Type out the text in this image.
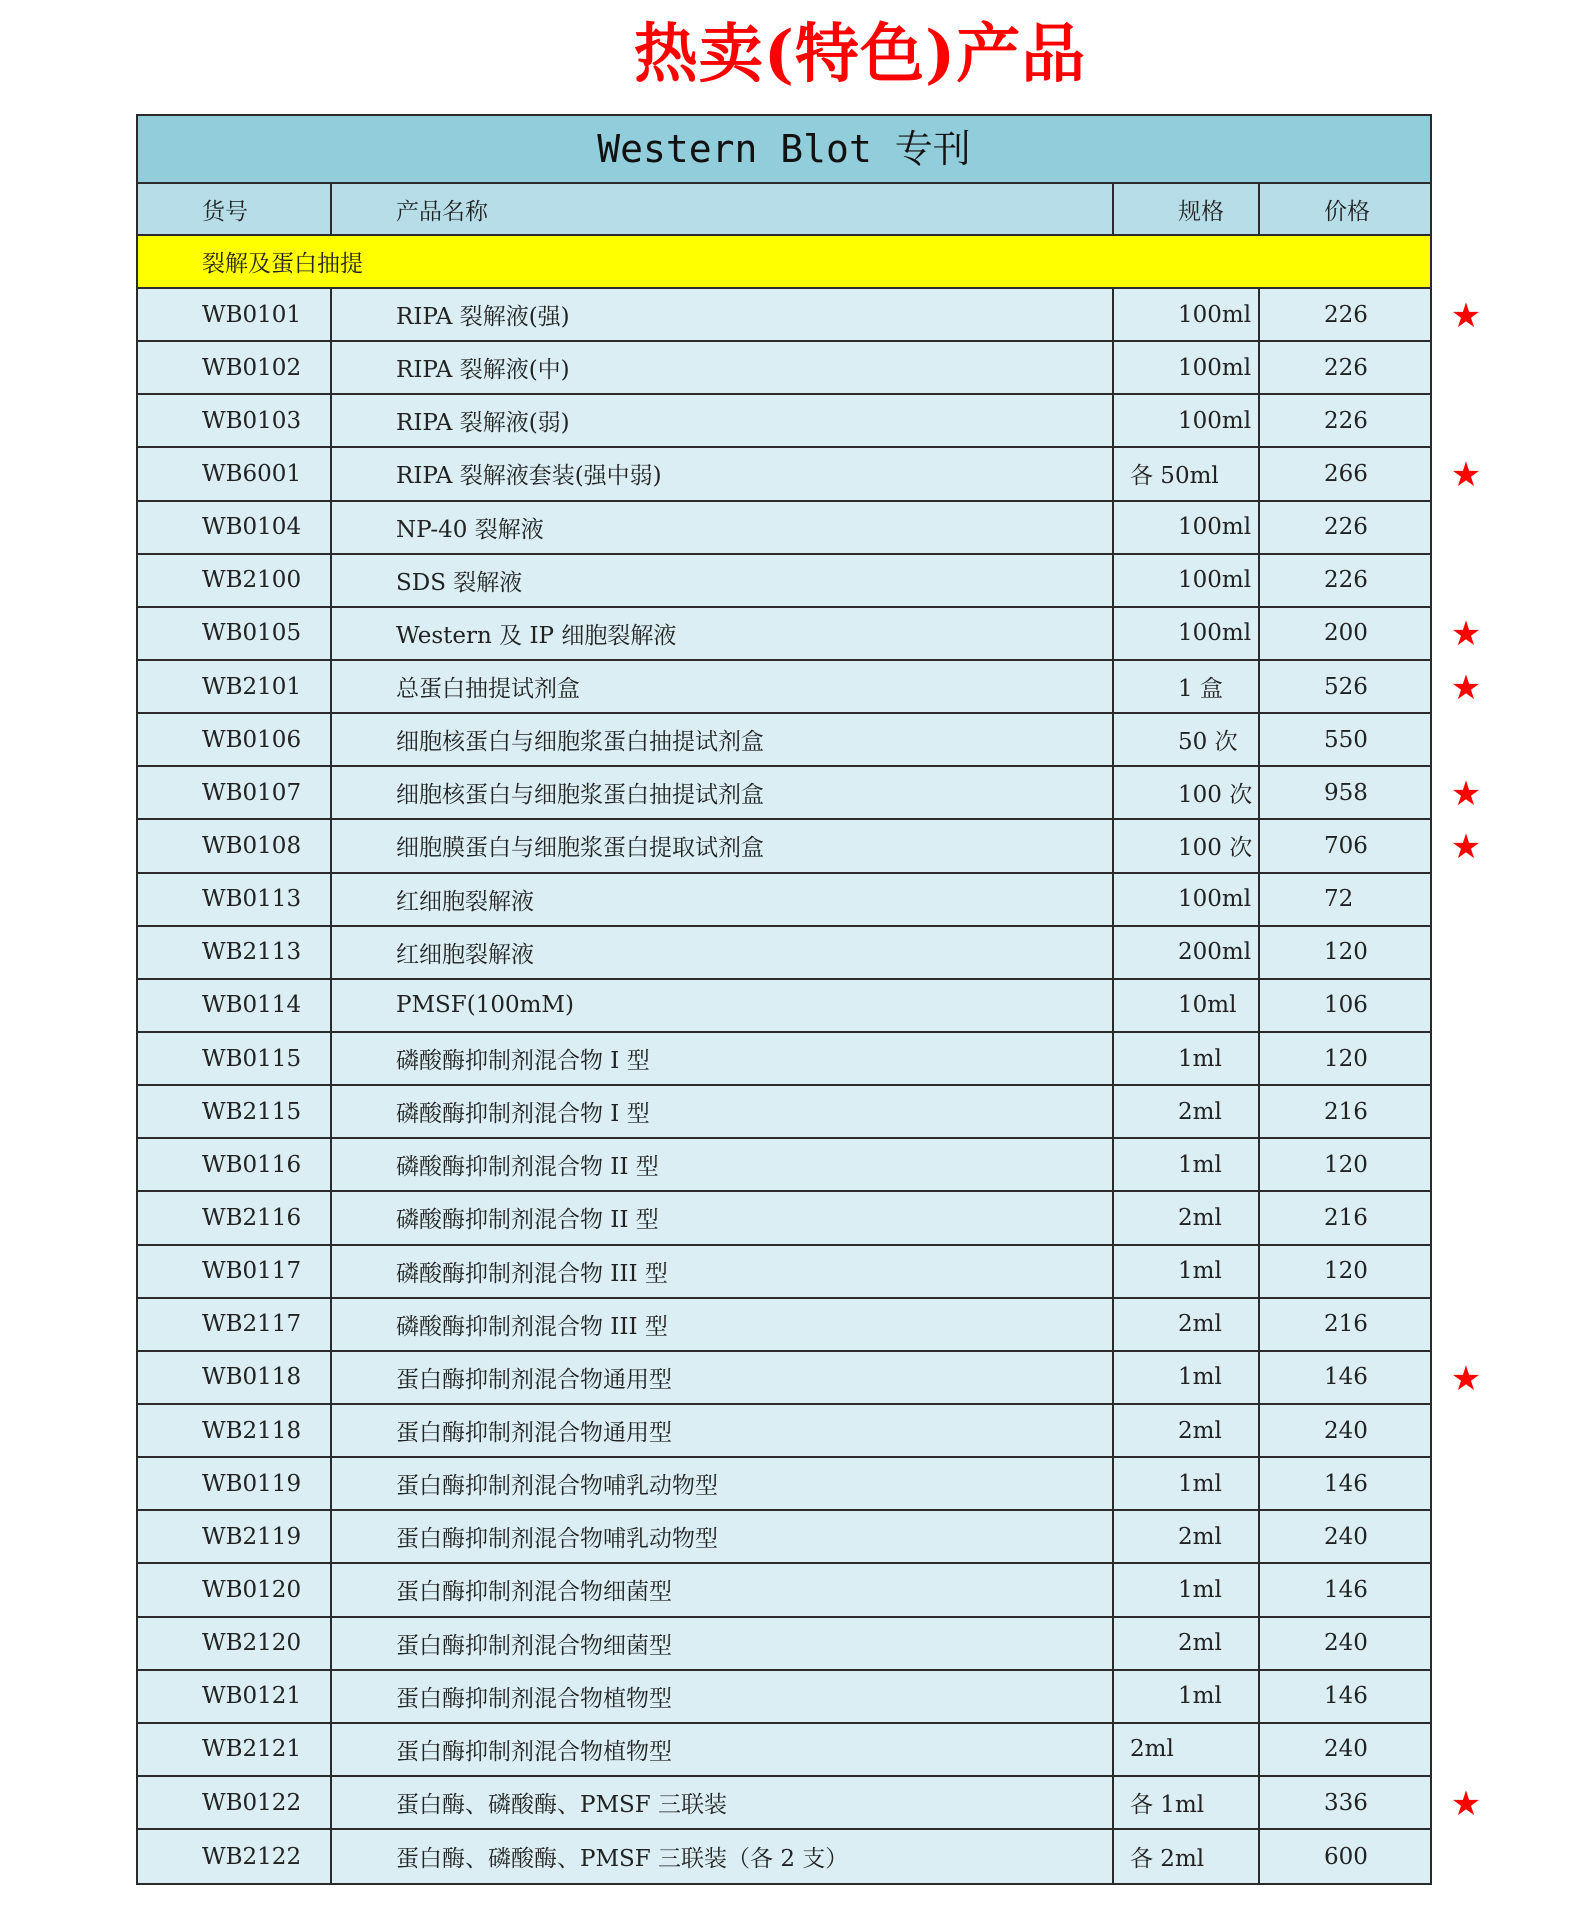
热卖(特色)产品
Western Blot 专刊
货号	产品名称	规格	价格
裂解及蛋白抽提
WB0101	RIPA 裂解液(强)	100ml	226
WB0102	RIPA 裂解液(中)	100ml	226
WB0103	RIPA 裂解液(弱)	100ml	226
WB6001	RIPA 裂解液套装(强中弱)	各 50ml	266
WB0104	NP-40 裂解液	100ml	226
WB2100	SDS 裂解液	100ml	226
WB0105	Western 及 IP 细胞裂解液	100ml	200
WB2101	总蛋白抽提试剂盒	1 盒	526
WB0106	细胞核蛋白与细胞浆蛋白抽提试剂盒	50 次	550
WB0107	细胞核蛋白与细胞浆蛋白抽提试剂盒	100 次	958
WB0108	细胞膜蛋白与细胞浆蛋白提取试剂盒	100 次	706
WB0113	红细胞裂解液	100ml	72
WB2113	红细胞裂解液	200ml	120
WB0114	PMSF(100mM)	10ml	106
WB0115	磷酸酶抑制剂混合物 I 型	1ml	120
WB2115	磷酸酶抑制剂混合物 I 型	2ml	216
WB0116	磷酸酶抑制剂混合物 II 型	1ml	120
WB2116	磷酸酶抑制剂混合物 II 型	2ml	216
WB0117	磷酸酶抑制剂混合物 III 型	1ml	120
WB2117	磷酸酶抑制剂混合物 III 型	2ml	216
WB0118	蛋白酶抑制剂混合物通用型	1ml	146
WB2118	蛋白酶抑制剂混合物通用型	2ml	240
WB0119	蛋白酶抑制剂混合物哺乳动物型	1ml	146
WB2119	蛋白酶抑制剂混合物哺乳动物型	2ml	240
WB0120	蛋白酶抑制剂混合物细菌型	1ml	146
WB2120	蛋白酶抑制剂混合物细菌型	2ml	240
WB0121	蛋白酶抑制剂混合物植物型	1ml	146
WB2121	蛋白酶抑制剂混合物植物型	2ml	240
WB0122	蛋白酶、磷酸酶、PMSF 三联装	各 1ml	336
WB2122	蛋白酶、磷酸酶、PMSF 三联装（各 2 支）	各 2ml	600
★
★
★
★
★
★
★
★
